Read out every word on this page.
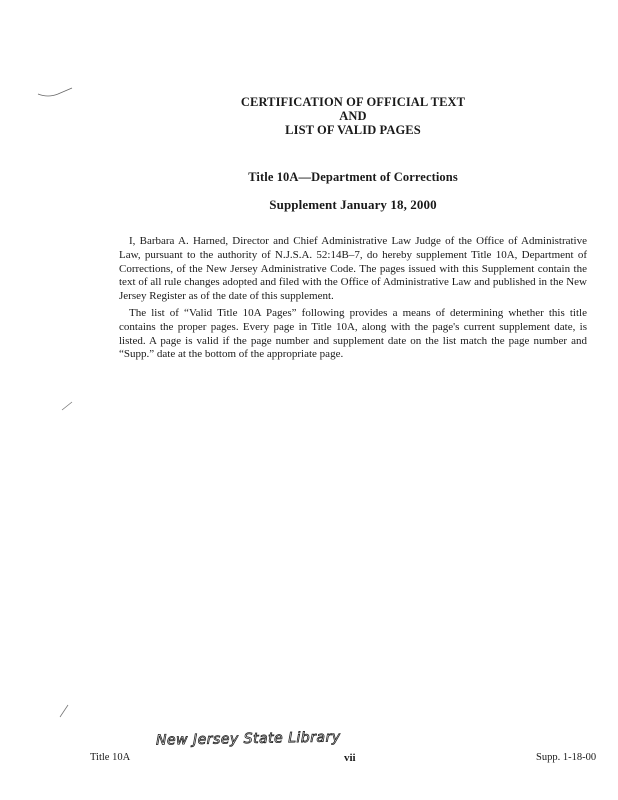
CERTIFICATION OF OFFICIAL TEXT
AND
LIST OF VALID PAGES
Title 10A—Department of Corrections
Supplement January 18, 2000

I, Barbara A. Harned, Director and Chief Administrative Law Judge of the Office of Administrative Law, pursuant to the authority of N.J.S.A. 52:14B–7, do hereby supplement Title 10A, Department of Corrections, of the New Jersey Administrative Code. The pages issued with this Supplement contain the text of all rule changes adopted and filed with the Office of Administrative Law and published in the New Jersey Register as of the date of this supplement.

The list of “Valid Title 10A Pages” following provides a means of determining whether this title contains the proper pages. Every page in Title 10A, along with the page's current supplement date, is listed. A page is valid if the page number and supplement date on the list match the page number and “Supp.” date at the bottom of the appropriate page.

New Jersey State Library
Title 10A	vii	Supp. 1-18-00
